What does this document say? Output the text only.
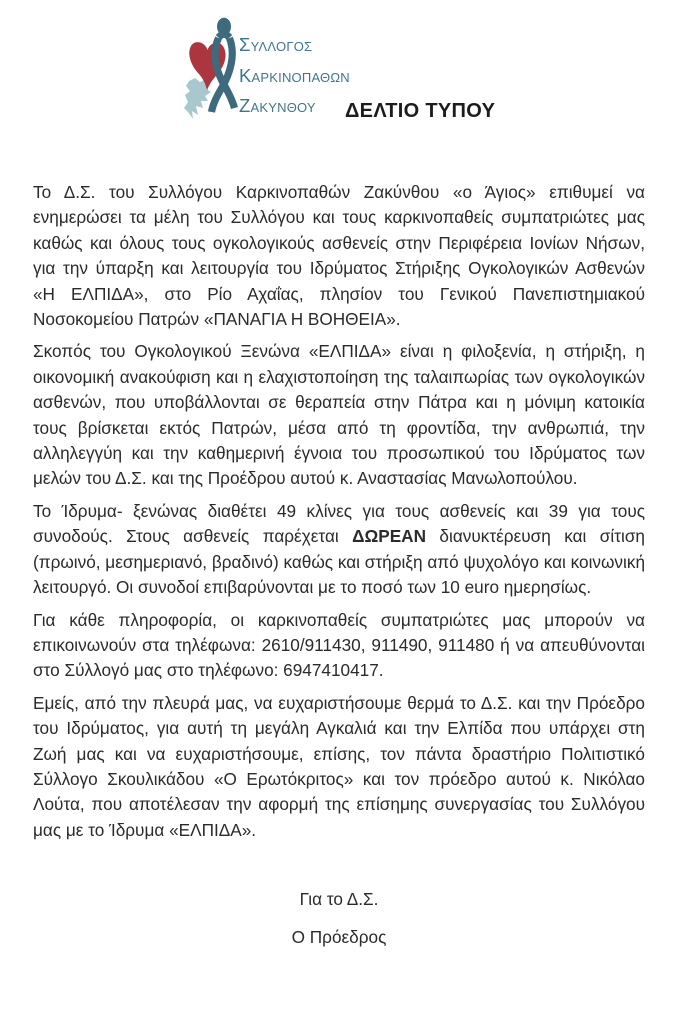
ΣΥΛΛΟΓΟΣ
ΚΑΡΚΙΝΟΠΑΘΩΝ
ΖΑΚΥΝΘΟΥ	ΔΕΛΤΙΟ ΤΥΠΟΥ

Το Δ.Σ. του Συλλόγου Καρκινοπαθών Ζακύνθου «ο Άγιος» επιθυμεί να ενημερώσει τα μέλη του Συλλόγου και τους καρκινοπαθείς συμπατριώτες μας καθώς και όλους τους ογκολογικούς ασθενείς στην Περιφέρεια Ιονίων Νήσων, για την ύπαρξη και λειτουργία του Ιδρύματος Στήριξης Ογκολογικών Ασθενών «Η ΕΛΠΙΔΑ», στο Ρίο Αχαΐας, πλησίον του Γενικού Πανεπιστημιακού Νοσοκομείου Πατρών «ΠΑΝΑΓΙΑ Η ΒΟΗΘΕΙΑ».

Σκοπός του Ογκολογικού Ξενώνα «ΕΛΠΙΔΑ» είναι η φιλοξενία, η στήριξη, η οικονομική ανακούφιση και η ελαχιστοποίηση της ταλαιπωρίας των ογκολογικών ασθενών, που υποβάλλονται σε θεραπεία στην Πάτρα και η μόνιμη κατοικία τους βρίσκεται εκτός Πατρών, μέσα από τη φροντίδα, την ανθρωπιά, την αλληλεγγύη και την καθημερινή έγνοια του προσωπικού του Ιδρύματος των μελών του Δ.Σ. και της Προέδρου αυτού κ. Αναστασίας Μανωλοπούλου.

Το Ίδρυμα- ξενώνας διαθέτει 49 κλίνες για τους ασθενείς και 39 για τους συνοδούς. Στους ασθενείς παρέχεται ΔΩΡΕΑΝ διανυκτέρευση και σίτιση (πρωινό, μεσημεριανό, βραδινό) καθώς και στήριξη από ψυχολόγο και κοινωνική λειτουργό. Οι συνοδοί επιβαρύνονται με το ποσό των 10 euro ημερησίως.

Για κάθε πληροφορία, οι καρκινοπαθείς συμπατριώτες μας μπορούν να επικοινωνούν στα τηλέφωνα: 2610/911430, 911490, 911480 ή να απευθύνονται στο Σύλλογό μας στο τηλέφωνο: 6947410417.

Εμείς, από την πλευρά μας, να ευχαριστήσουμε θερμά το Δ.Σ. και την Πρόεδρο του Ιδρύματος, για αυτή τη μεγάλη Αγκαλιά και την Ελπίδα που υπάρχει στη Ζωή μας και να ευχαριστήσουμε, επίσης, τον πάντα δραστήριο Πολιτιστικό Σύλλογο Σκουλικάδου «Ο Ερωτόκριτος» και τον πρόεδρο αυτού κ. Νικόλαο Λούτα, που αποτέλεσαν την αφορμή της επίσημης συνεργασίας του Συλλόγου μας με το Ίδρυμα «ΕΛΠΙΔΑ».

Για το Δ.Σ.
Ο Πρόεδρος
